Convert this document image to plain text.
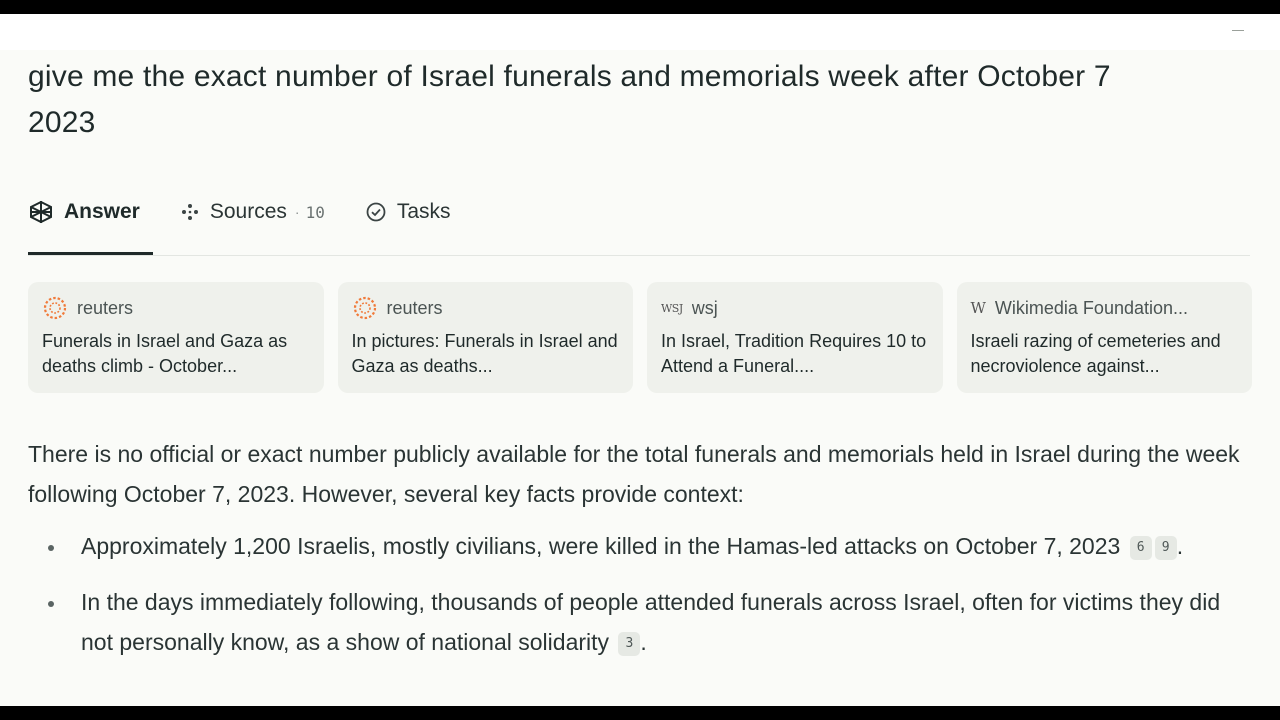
give me the exact number of Israel funerals and memorials week after October 7 2023
Answer	Sources · 10	Tasks
reuters
Funerals in Israel and Gaza as deaths climb - October...
reuters
In pictures: Funerals in Israel and Gaza as deaths...
WSJ wsj
In Israel, Tradition Requires 10 to Attend a Funeral....
W Wikimedia Foundation...
Israeli razing of cemeteries and necroviolence against...

There is no official or exact number publicly available for the total funerals and memorials held in Israel during the week following October 7, 2023. However, several key facts provide context:

Approximately 1,200 Israelis, mostly civilians, were killed in the Hamas-led attacks on October 7, 2023 6 9 .
In the days immediately following, thousands of people attended funerals across Israel, often for victims they did not personally know, as a show of national solidarity 3 .
